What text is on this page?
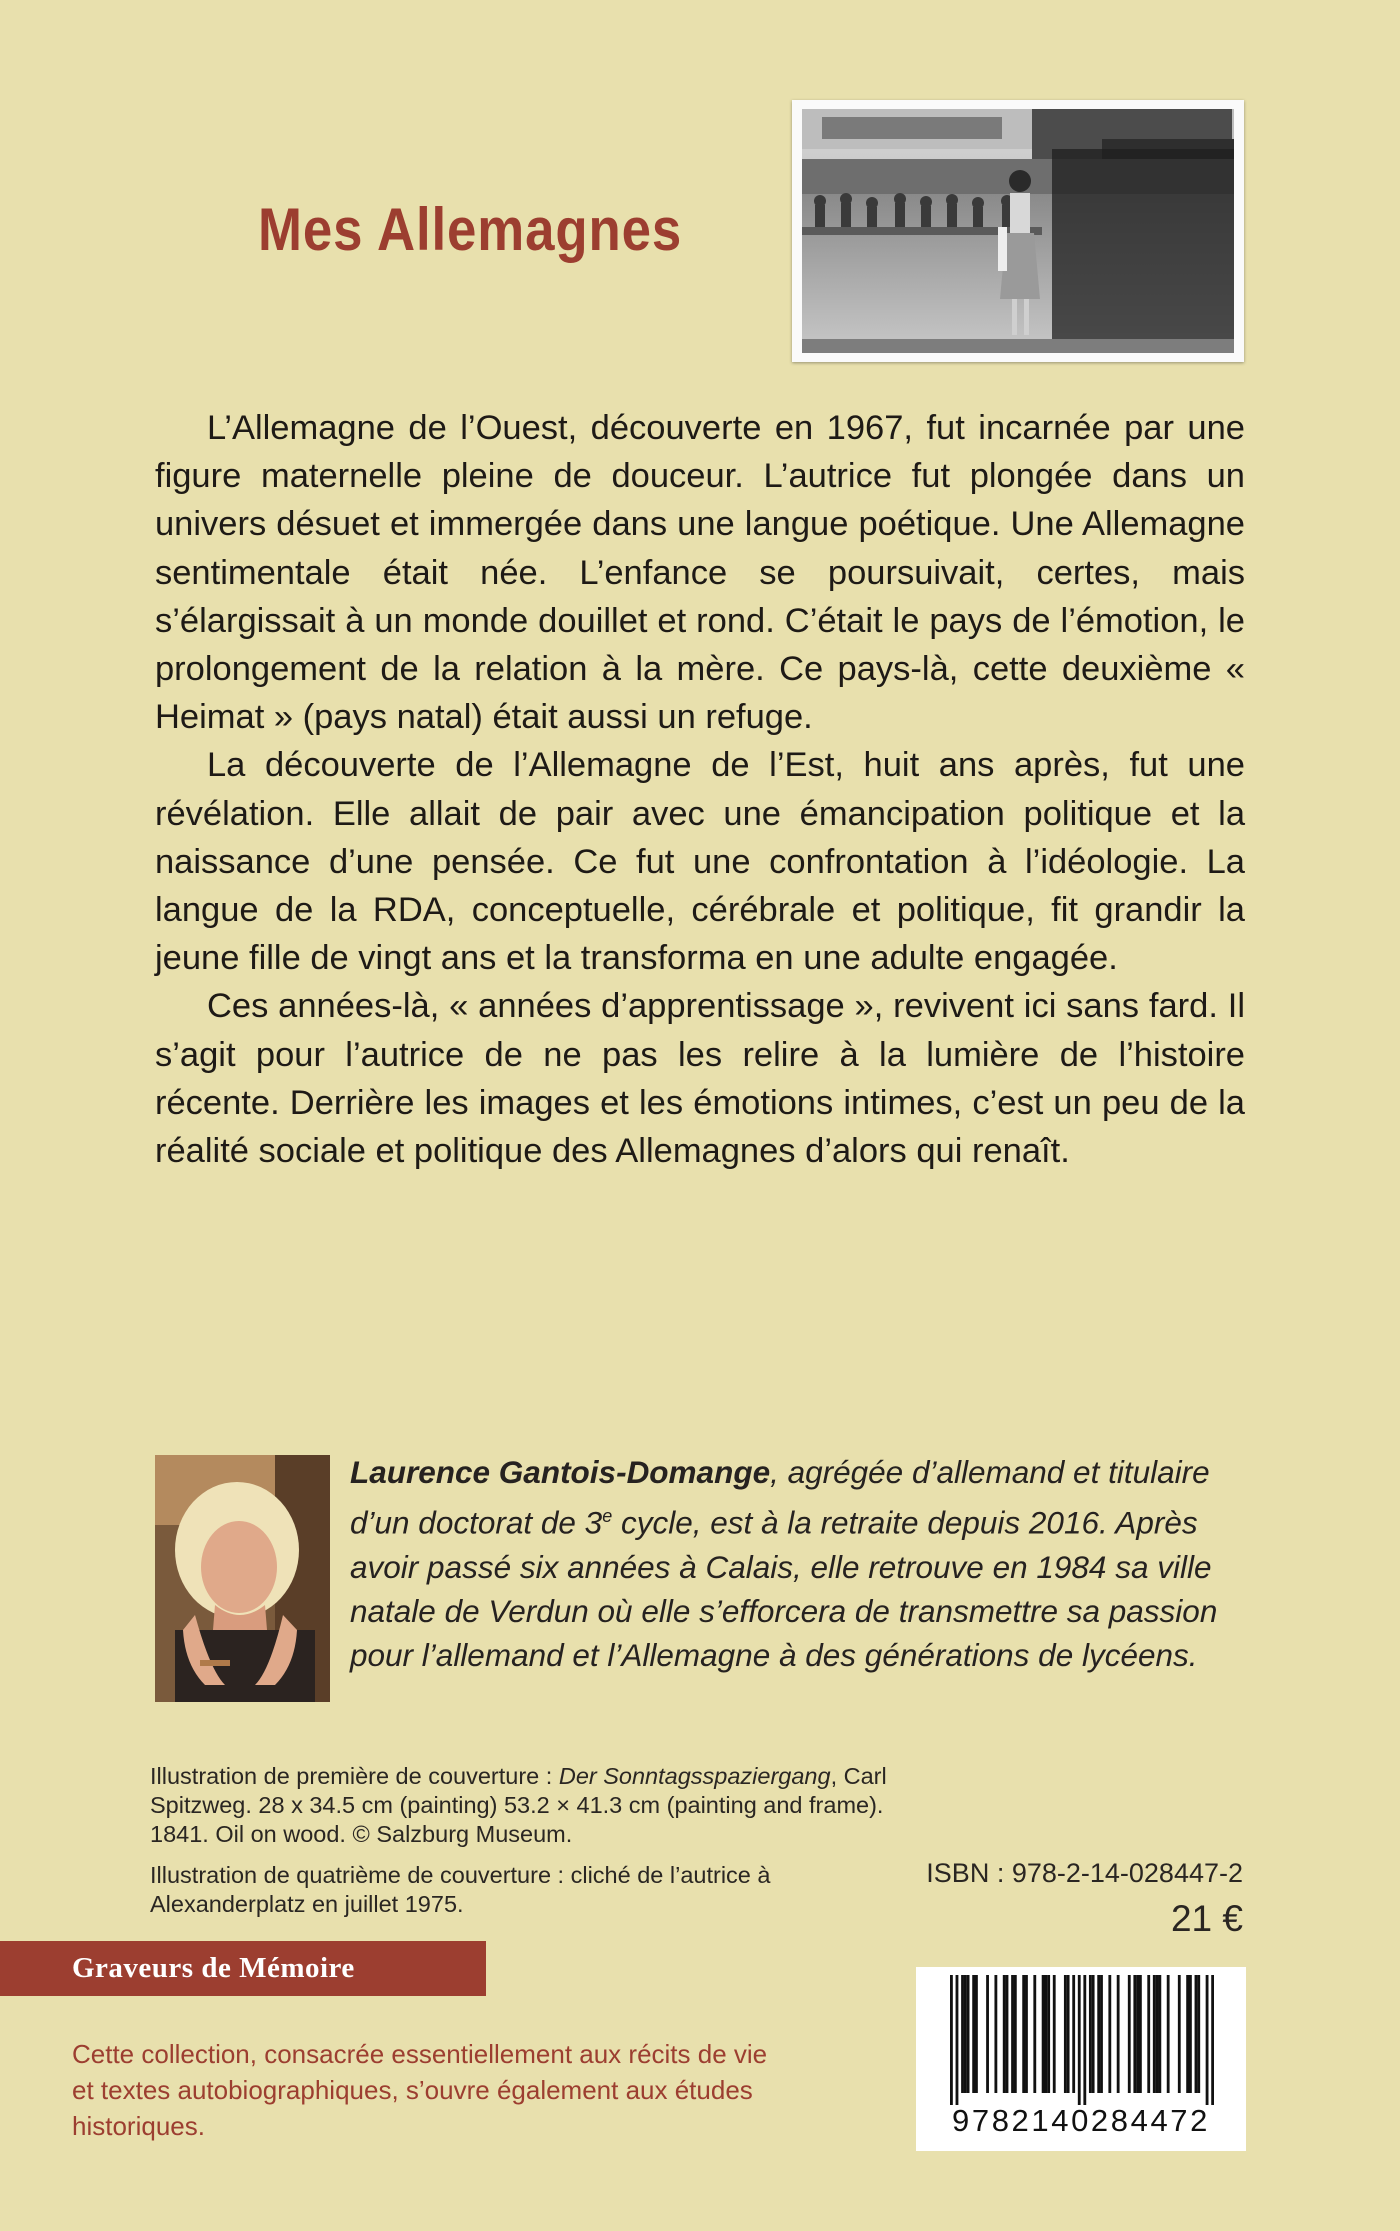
Mes Allemagnes

L’Allemagne de l’Ouest, découverte en 1967, fut incarnée par une figure maternelle pleine de douceur. L’autrice fut plongée dans un univers désuet et immergée dans une langue poétique. Une Allemagne sentimentale était née. L’enfance se poursuivait, certes, mais s’élargissait à un monde douillet et rond. C’était le pays de l’émotion, le prolongement de la relation à la mère. Ce pays-là, cette deuxième « Heimat » (pays natal) était aussi un refuge.

La découverte de l’Allemagne de l’Est, huit ans après, fut une révélation. Elle allait de pair avec une émancipation politique et la naissance d’une pensée. Ce fut une confrontation à l’idéologie. La langue de la RDA, conceptuelle, cérébrale et politique, fit grandir la jeune fille de vingt ans et la transforma en une adulte engagée.

Ces années-là, « années d’apprentissage », revivent ici sans fard. Il s’agit pour l’autrice de ne pas les relire à la lumière de l’histoire récente. Derrière les images et les émotions intimes, c’est un peu de la réalité sociale et politique des Allemagnes d’alors qui renaît.

Laurence Gantois-Domange, agrégée d’allemand et titulaire d’un doctorat de 3e cycle, est à la retraite depuis 2016. Après avoir passé six années à Calais, elle retrouve en 1984 sa ville natale de Verdun où elle s’efforcera de transmettre sa passion pour l’allemand et l’Allemagne à des générations de lycéens.

Illustration de première de couverture : Der Sonntagsspaziergang, Carl Spitzweg. 28 x 34.5 cm (painting) 53.2 × 41.3 cm (painting and frame). 1841. Oil on wood. © Salzburg Museum.

Illustration de quatrième de couverture : cliché de l’autrice à Alexanderplatz en juillet 1975.

ISBN : 978-2-14-028447-2
21 €
Graveurs de Mémoire
Cette collection, consacrée essentiellement aux récits de vie et textes autobiographiques, s’ouvre également aux études historiques.	9782140284472
